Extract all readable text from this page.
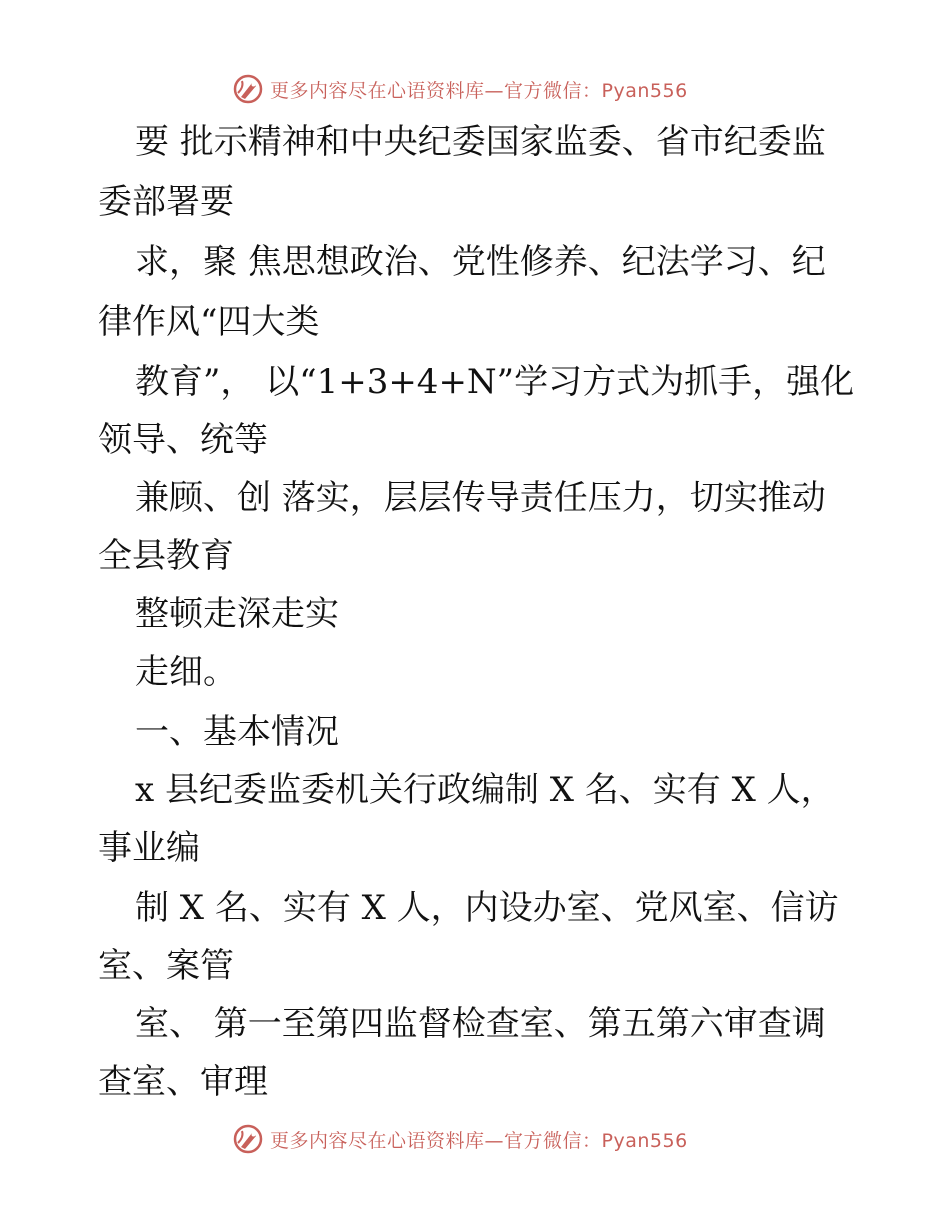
更多内容尽在心语资料库—官方微信：Pyan556
要 批示精神和中央纪委国家监委、省市纪委监
委部署要
求，聚 焦思想政治、党性修养、纪法学习、纪
律作风“四大类
教育”， 以“1+3+4+N”学习方式为抓手，强化
领导、统等
兼顾、创 落实，层层传导责任压力，切实推动
全县教育
整顿走深走实
走细。
一、基本情况
x 县纪委监委机关行政编制 X 名、实有 X 人，
事业编
制 X 名、实有 X 人，内设办室、党风室、信访
室、案管
室、 第一至第四监督检查室、第五第六审查调
查室、审理
更多内容尽在心语资料库—官方微信：Pyan556
